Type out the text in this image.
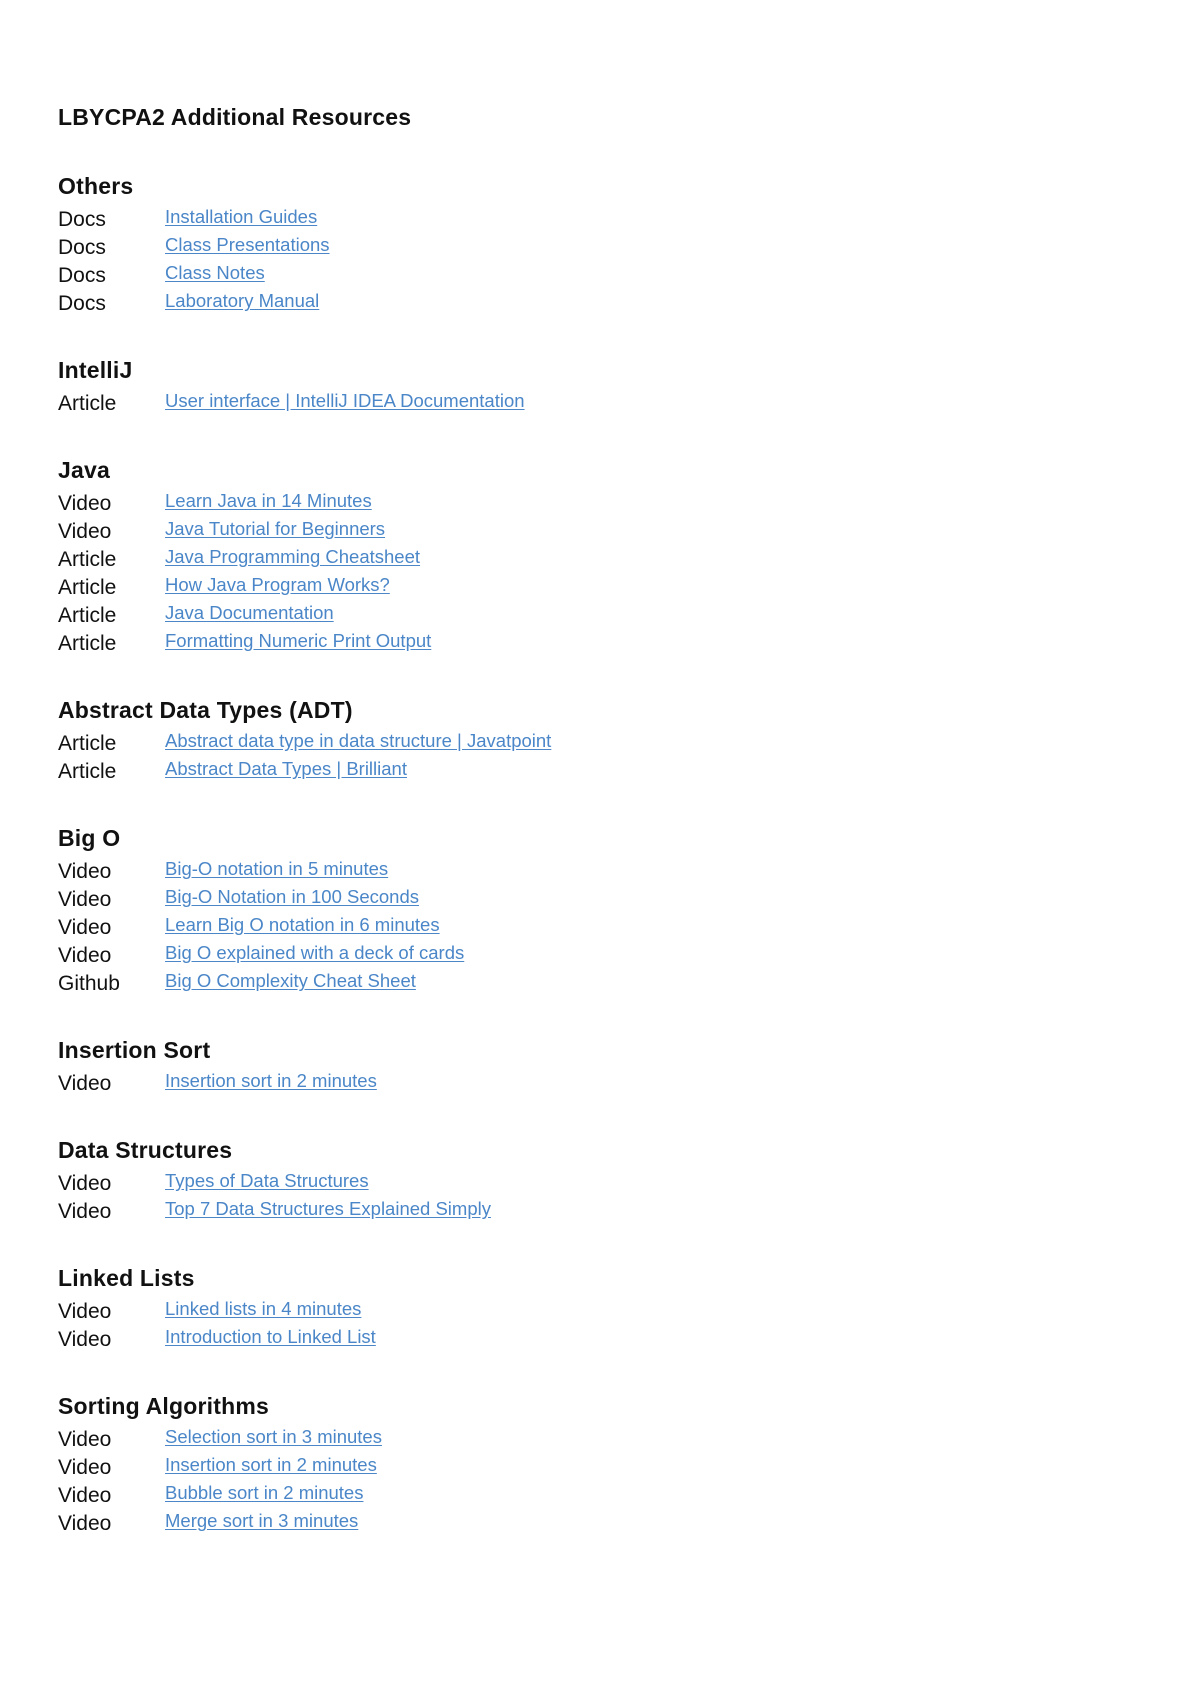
LBYCPA2 Additional Resources
Others
Docs	Installation Guides
Docs	Class Presentations
Docs	Class Notes
Docs	Laboratory Manual
IntelliJ
Article	User interface | IntelliJ IDEA Documentation
Java
Video	Learn Java in 14 Minutes
Video	Java Tutorial for Beginners
Article	Java Programming Cheatsheet
Article	How Java Program Works?
Article	Java Documentation
Article	Formatting Numeric Print Output
Abstract Data Types (ADT)
Article	Abstract data type in data structure | Javatpoint
Article	Abstract Data Types | Brilliant
Big O
Video	Big-O notation in 5 minutes
Video	Big-O Notation in 100 Seconds
Video	Learn Big O notation in 6 minutes
Video	Big O explained with a deck of cards
Github	Big O Complexity Cheat Sheet
Insertion Sort
Video	Insertion sort in 2 minutes
Data Structures
Video	Types of Data Structures
Video	Top 7 Data Structures Explained Simply
Linked Lists
Video	Linked lists in 4 minutes
Video	Introduction to Linked List
Sorting Algorithms
Video	Selection sort in 3 minutes
Video	Insertion sort in 2 minutes
Video	Bubble sort in 2 minutes
Video	Merge sort in 3 minutes
